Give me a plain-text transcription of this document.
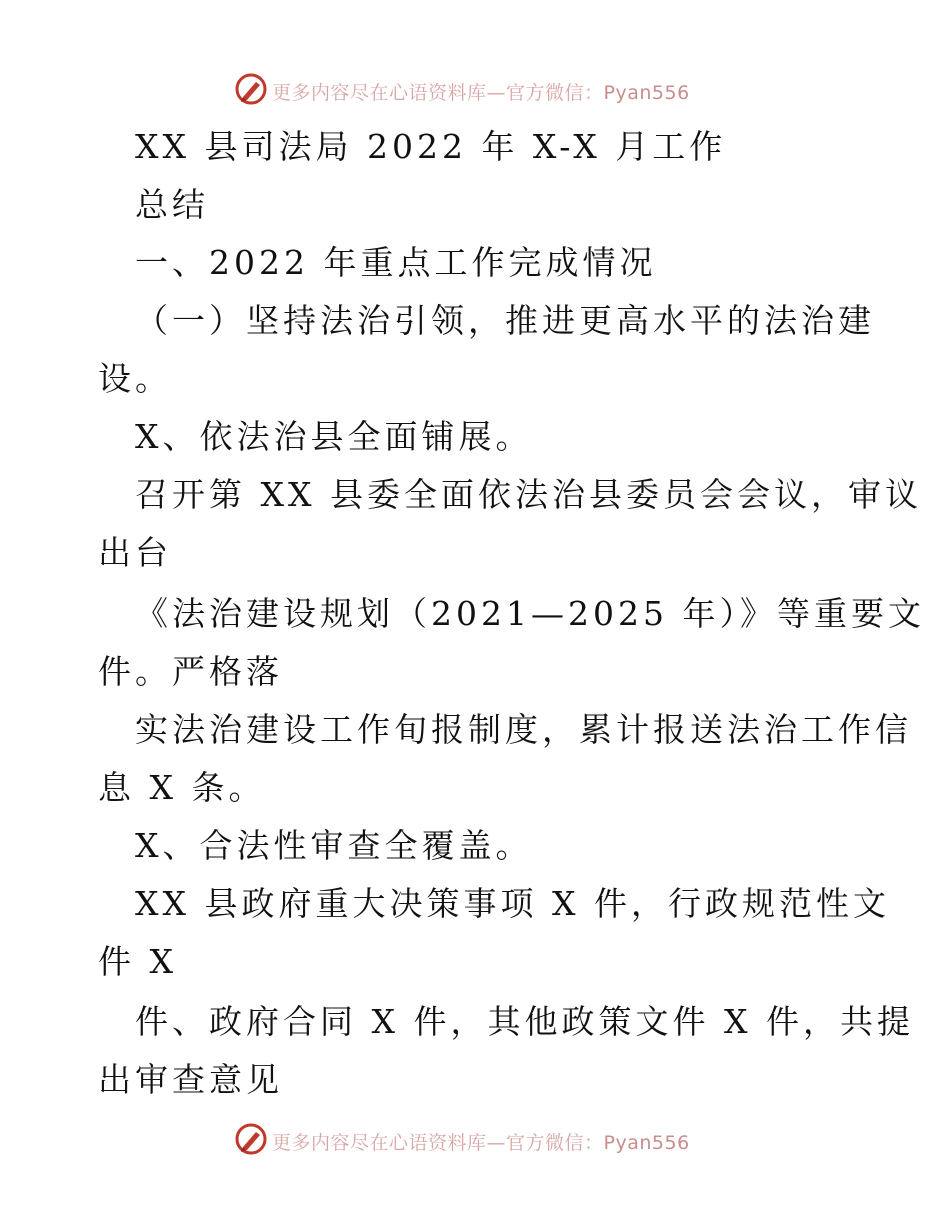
更多内容尽在心语资料库—官方微信：Pyan556
XX 县司法局 2022 年 X-X 月工作
总结
一、2022 年重点工作完成情况
（一）坚持法治引领，推进更高水平的法治建
设。
X、依法治县全面铺展。
召开第 XX 县委全面依法治县委员会会议，审议
出台
《法治建设规划（2021—2025 年）》等重要文
件。严格落
实法治建设工作旬报制度，累计报送法治工作信
息 X 条。
X、合法性审查全覆盖。
XX 县政府重大决策事项 X 件，行政规范性文
件 X
件、政府合同 X 件，其他政策文件 X 件，共提
出审查意见
更多内容尽在心语资料库—官方微信：Pyan556
